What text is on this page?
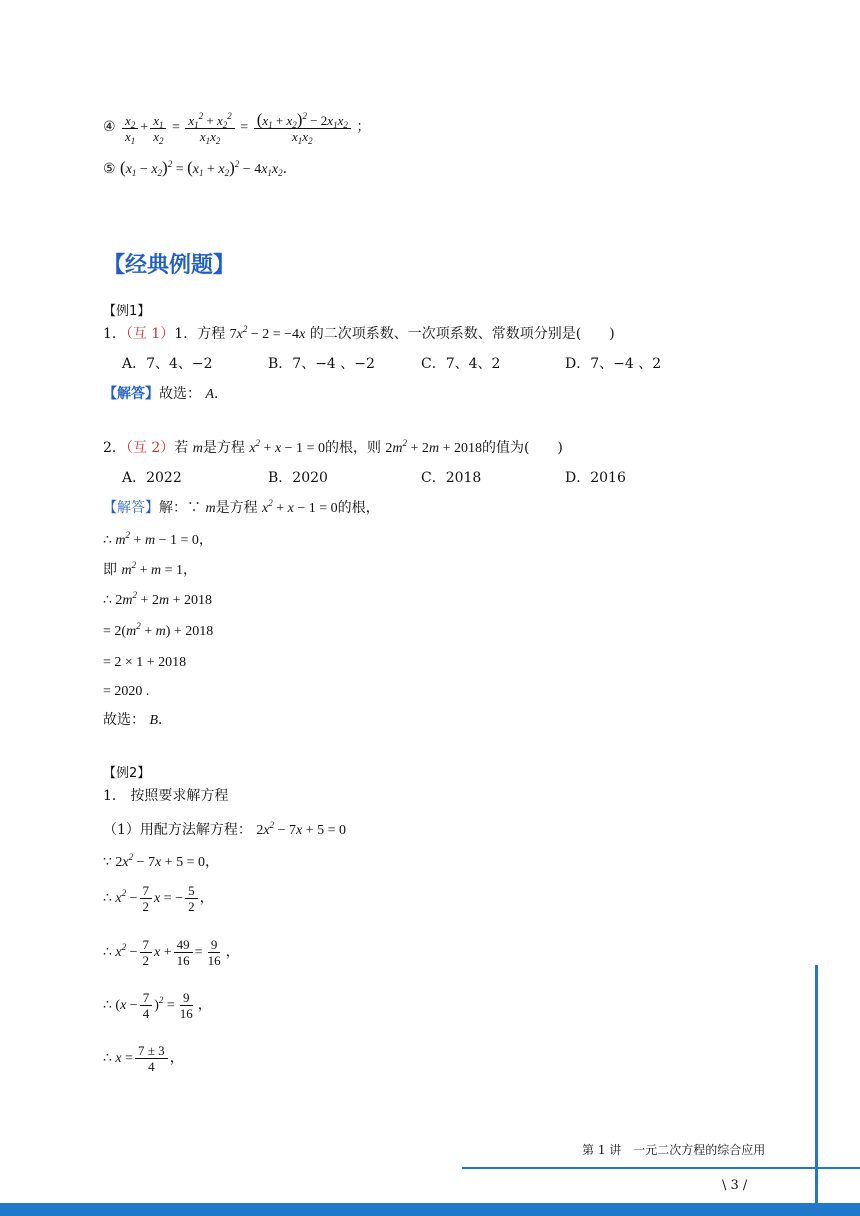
④ $\frac{x_2}{x_1} + \frac{x_1}{x_2} = \frac{x_1^2 + x_2^2}{x_1x_2} = \frac{(x_1 + x_2)^2 - 2x_1x_2}{x_1x_2}$ ；
⑤ $(x_1 - x_2)^2 = (x_1 + x_2)^2 - 4x_1x_2$．
【经典例题】
【例1】
1．（互 1）1．方程 $7x^2 - 2 = -4x$ 的二次项系数、一次项系数、常数项分别是(　　)
A．7、4、−2	B．7、−4 、−2	C．7、4、2	D．7、−4 、2
【解答】故选： A．
2．（互 2）若 m是方程 $x^2 + x - 1 = 0$的根，则 $2m^2 + 2m + 2018$的值为(　　)
A．2022	B．2020	C．2018	D．2016
【解答】解：∵ m是方程 $x^2 + x - 1 = 0$的根，
∴ $m^2 + m - 1 = 0$，
即 $m^2 + m = 1$，
∴ $2m^2 + 2m + 2018$
= $2(m^2 + m) + 2018$
= 2 × 1 + 2018
= 2020 .
故选： B．
【例2】
1． 按照要求解方程
（1）用配方法解方程： $2x^2 - 7x + 5 = 0$
∵ $2x^2 - 7x + 5 = 0$，
∴ $x^2 - \frac{7}{2}$ x = − $\frac{5}{2}$ ，
∴ $x^2 - \frac{7}{2}$ $x + \frac{49}{16} = \frac{9}{16}$ ，
∴ $(x - \frac{7}{4} )^2 = \frac{9}{16}$ ，
∴ $x = \frac{7 \pm 3}{4}$ ，
第 1 讲　一元二次方程的综合应用
\ 3 /
